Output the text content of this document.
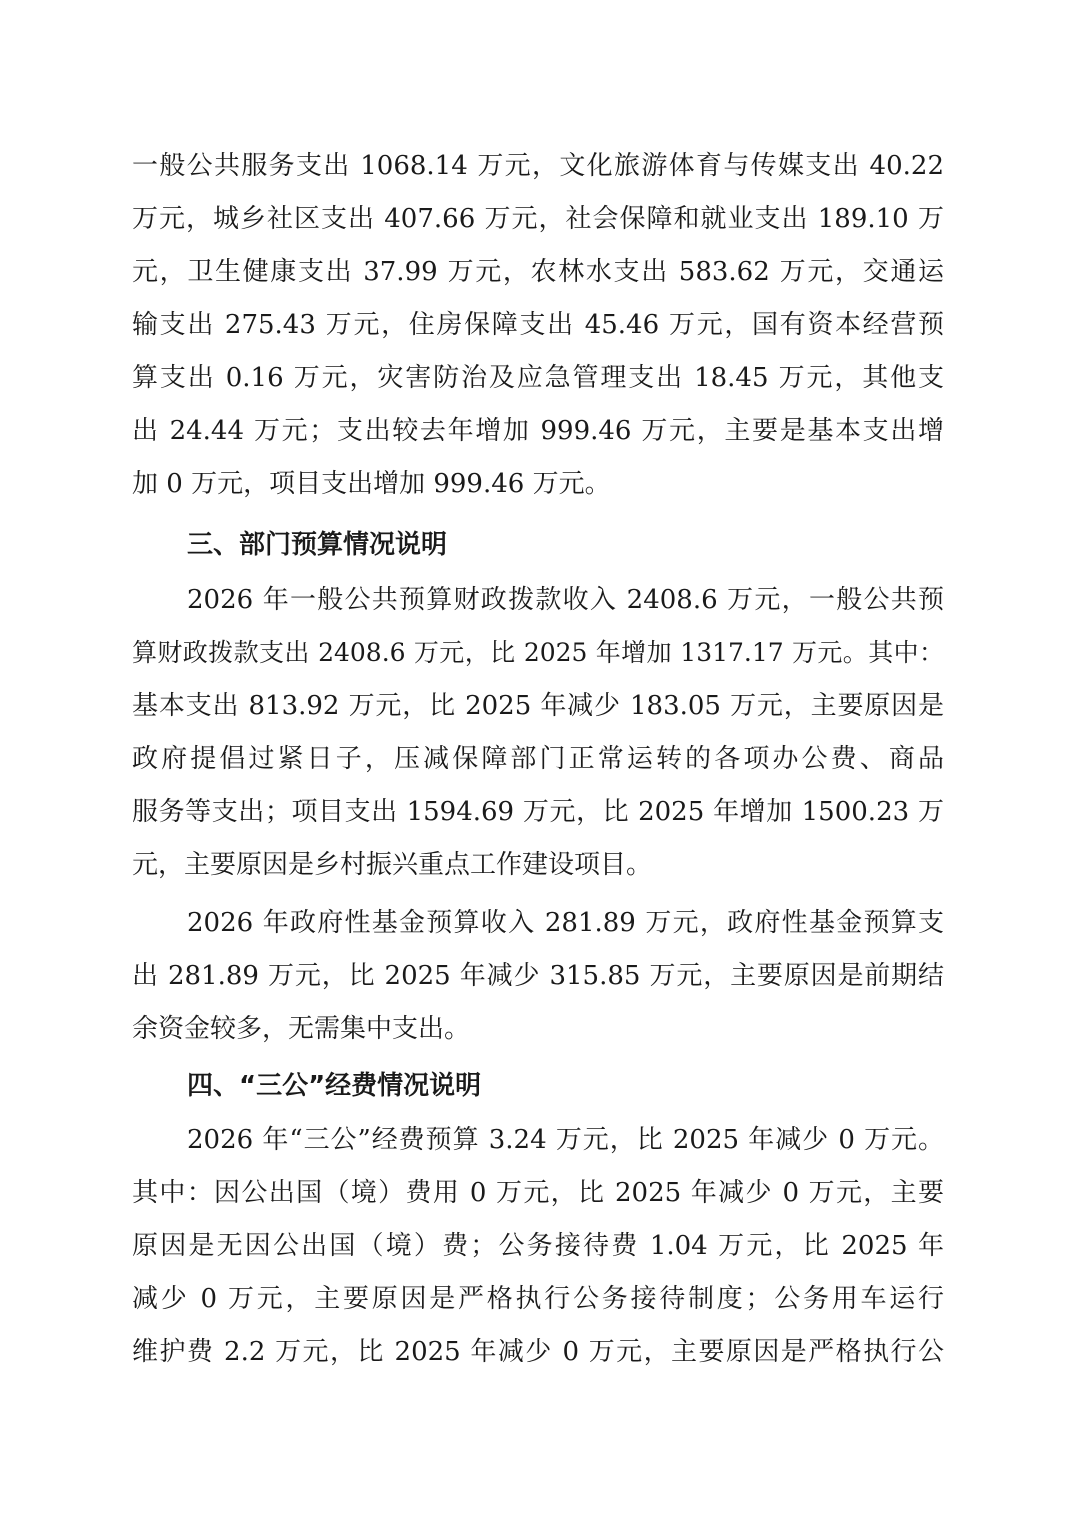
一般公共服务支出 1068.14 万元，文化旅游体育与传媒支出 40.22
万元，城乡社区支出 407.66 万元，社会保障和就业支出 189.10 万
元，卫生健康支出 37.99 万元，农林水支出 583.62 万元，交通运
输支出 275.43 万元，住房保障支出 45.46 万元，国有资本经营预
算支出 0.16 万元，灾害防治及应急管理支出 18.45 万元，其他支
出 24.44 万元；支出较去年增加 999.46 万元，主要是基本支出增
加 0 万元，项目支出增加 999.46 万元。
三、部门预算情况说明
2026 年一般公共预算财政拨款收入 2408.6 万元，一般公共预
算财政拨款支出 2408.6 万元，比 2025 年增加 1317.17 万元。其中：
基本支出 813.92 万元，比 2025 年减少 183.05 万元，主要原因是
政府提倡过紧日子，压减保障部门正常运转的各项办公费、商品
服务等支出；项目支出 1594.69 万元，比 2025 年增加 1500.23 万
元，主要原因是乡村振兴重点工作建设项目。
2026 年政府性基金预算收入 281.89 万元，政府性基金预算支
出 281.89 万元，比 2025 年减少 315.85 万元，主要原因是前期结
余资金较多，无需集中支出。
四、“三公”经费情况说明
2026 年“三公”经费预算 3.24 万元，比 2025 年减少 0 万元。
其中：因公出国（境）费用 0 万元，比 2025 年减少 0 万元，主要
原因是无因公出国（境）费；公务接待费 1.04 万元，比 2025 年
减少 0 万元，主要原因是严格执行公务接待制度；公务用车运行
维护费 2.2 万元，比 2025 年减少 0 万元，主要原因是严格执行公
